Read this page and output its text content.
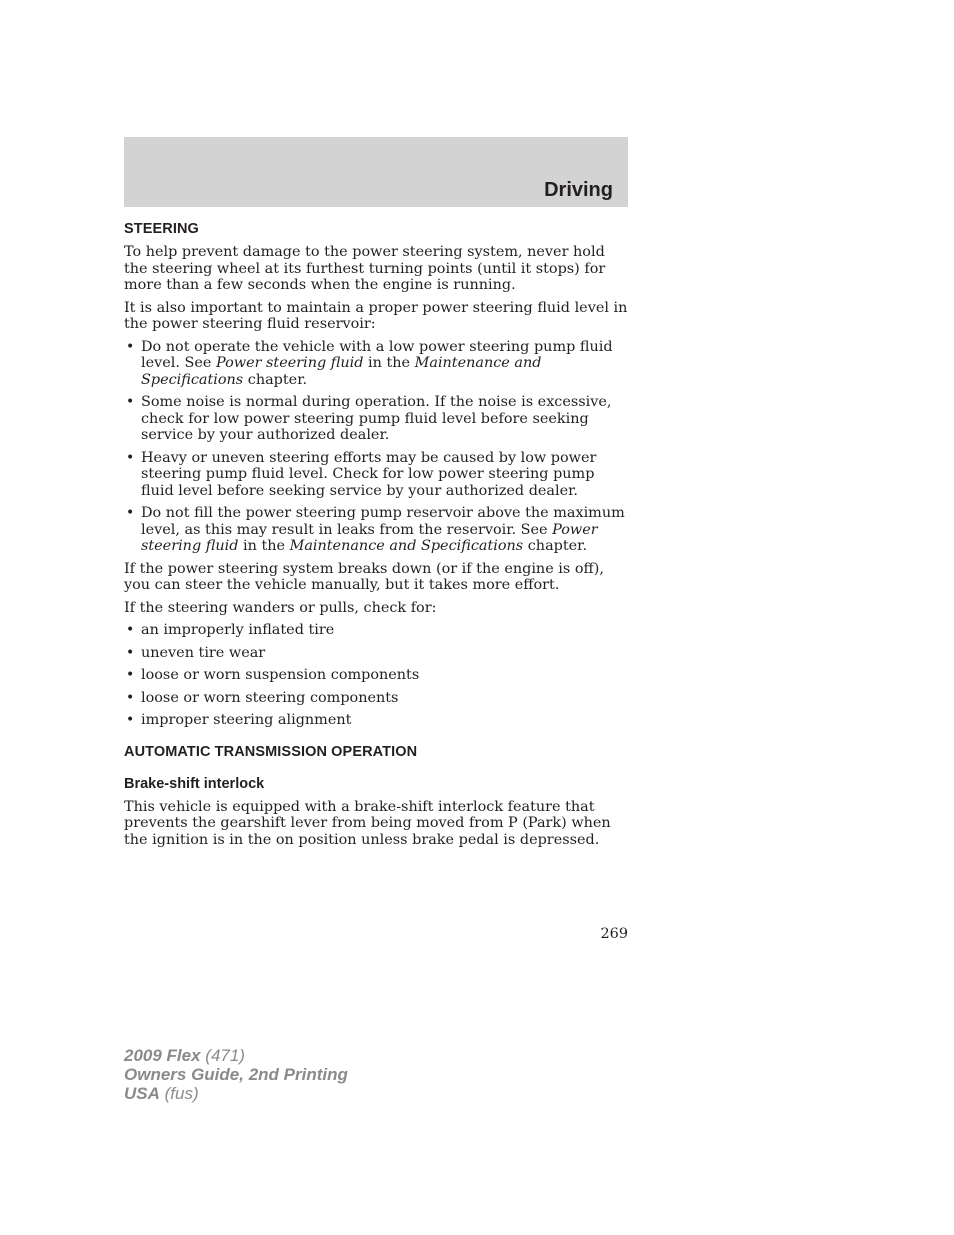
Driving
STEERING

To help prevent damage to the power steering system, never hold the steering wheel at its furthest turning points (until it stops) for more than a few seconds when the engine is running.

It is also important to maintain a proper power steering fluid level in the power steering fluid reservoir:

• Do not operate the vehicle with a low power steering pump fluid level. See Power steering fluid in the Maintenance and Specifications chapter.
• Some noise is normal during operation. If the noise is excessive, check for low power steering pump fluid level before seeking service by your authorized dealer.
• Heavy or uneven steering efforts may be caused by low power steering pump fluid level. Check for low power steering pump fluid level before seeking service by your authorized dealer.
• Do not fill the power steering pump reservoir above the maximum level, as this may result in leaks from the reservoir. See Power steering fluid in the Maintenance and Specifications chapter.

If the power steering system breaks down (or if the engine is off), you can steer the vehicle manually, but it takes more effort.

If the steering wanders or pulls, check for:

• an improperly inflated tire
• uneven tire wear
• loose or worn suspension components
• loose or worn steering components
• improper steering alignment
AUTOMATIC TRANSMISSION OPERATION
Brake-shift interlock

This vehicle is equipped with a brake-shift interlock feature that prevents the gearshift lever from being moved from P (Park) when the ignition is in the on position unless brake pedal is depressed.

269

2009 Flex (471)
Owners Guide, 2nd Printing
USA (fus)
